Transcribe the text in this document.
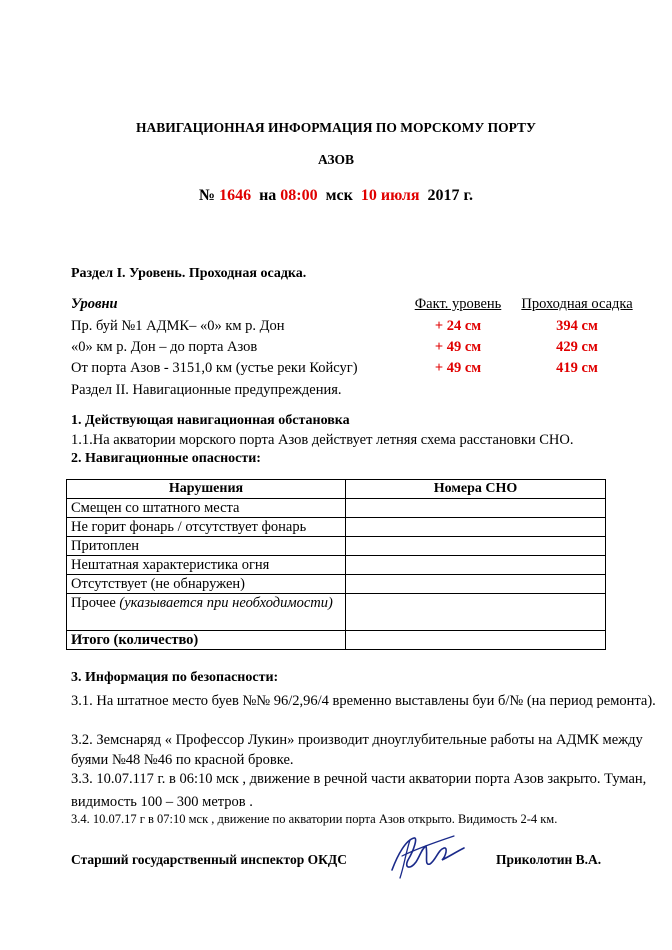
НАВИГАЦИОННАЯ ИНФОРМАЦИЯ ПО МОРСКОМУ ПОРТУ
АЗОВ
№ 1646 на 08:00 мск 10 июля 2017 г.
Раздел I. Уровень. Проходная осадка.
Уровни	Факт. уровень	Проходная осадка
Пр. буй №1 АДМК– «0» км р. Дон	+ 24 см	394 см
«0» км р. Дон – до порта Азов	+ 49 см	429 см
От порта Азов - 3151,0 км (устье реки Койсуг)	+ 49 см	419 см
Раздел II. Навигационные предупреждения.
1. Действующая навигационная обстановка
1.1.На акватории морского порта Азов действует летняя схема расстановки СНО.
2. Навигационные опасности:
Нарушения	Номера СНО
Смещен со штатного места	
Не горит фонарь / отсутствует фонарь	
Притоплен	
Нештатная характеристика огня	
Отсутствует (не обнаружен)	
Прочее (указывается при необходимости)	
Итого (количество)	
3. Информация по безопасности:
3.1. На штатное место буев №№ 96/2,96/4 временно выставлены буи б/№ (на период ремонта).
3.2. Земснаряд « Профессор Лукин» производит дноуглубительные работы на АДМК между буями №48 №46 по красной бровке.
3.3. 10.07.117 г. в 06:10 мск , движение в речной части акватории порта Азов закрыто. Туман, видимость 100 – 300 метров .
3.4. 10.07.17 г в 07:10 мск , движение по акватории порта Азов открыто. Видимость 2-4 км.
Старший государственный инспектор ОКДС	Приколотин В.А.
